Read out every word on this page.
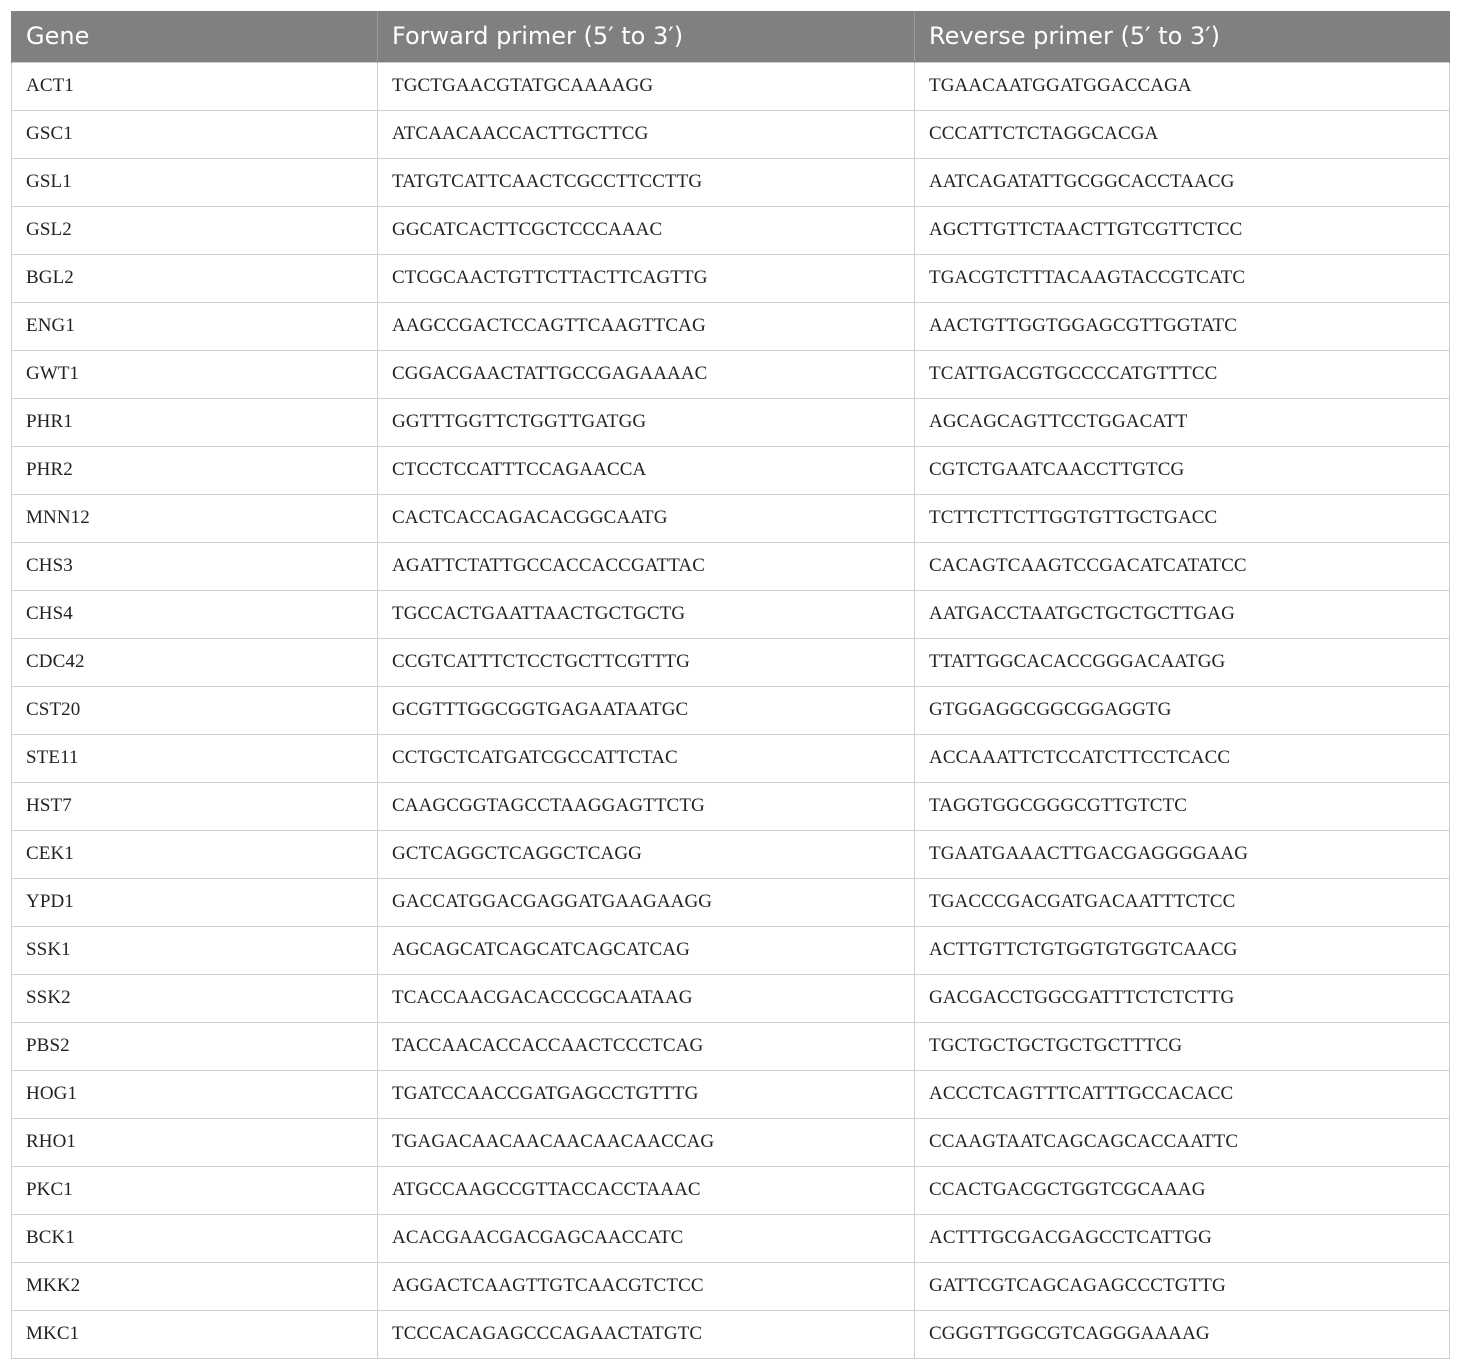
Gene	Forward primer (5′ to 3′)	Reverse primer (5′ to 3′)
ACT1	TGCTGAACGTATGCAAAAGG	TGAACAATGGATGGACCAGA
GSC1	ATCAACAACCACTTGCTTCG	CCCATTCTCTAGGCACGA
GSL1	TATGTCATTCAACTCGCCTTCCTTG	AATCAGATATTGCGGCACCTAACG
GSL2	GGCATCACTTCGCTCCCAAAC	AGCTTGTTCTAACTTGTCGTTCTCC
BGL2	CTCGCAACTGTTCTTACTTCAGTTG	TGACGTCTTTACAAGTACCGTCATC
ENG1	AAGCCGACTCCAGTTCAAGTTCAG	AACTGTTGGTGGAGCGTTGGTATC
GWT1	CGGACGAACTATTGCCGAGAAAAC	TCATTGACGTGCCCCATGTTTCC
PHR1	GGTTTGGTTCTGGTTGATGG	AGCAGCAGTTCCTGGACATT
PHR2	CTCCTCCATTTCCAGAACCA	CGTCTGAATCAACCTTGTCG
MNN12	CACTCACCAGACACGGCAATG	TCTTCTTCTTGGTGTTGCTGACC
CHS3	AGATTCTATTGCCACCACCGATTAC	CACAGTCAAGTCCGACATCATATCC
CHS4	TGCCACTGAATTAACTGCTGCTG	AATGACCTAATGCTGCTGCTTGAG
CDC42	CCGTCATTTCTCCTGCTTCGTTTG	TTATTGGCACACCGGGACAATGG
CST20	GCGTTTGGCGGTGAGAATAATGC	GTGGAGGCGGCGGAGGTG
STE11	CCTGCTCATGATCGCCATTCTAC	ACCAAATTCTCCATCTTCCTCACC
HST7	CAAGCGGTAGCCTAAGGAGTTCTG	TAGGTGGCGGGCGTTGTCTC
CEK1	GCTCAGGCTCAGGCTCAGG	TGAATGAAACTTGACGAGGGGAAG
YPD1	GACCATGGACGAGGATGAAGAAGG	TGACCCGACGATGACAATTTCTCC
SSK1	AGCAGCATCAGCATCAGCATCAG	ACTTGTTCTGTGGTGTGGTCAACG
SSK2	TCACCAACGACACCCGCAATAAG	GACGACCTGGCGATTTCTCTCTTG
PBS2	TACCAACACCACCAACTCCCTCAG	TGCTGCTGCTGCTGCTTTCG
HOG1	TGATCCAACCGATGAGCCTGTTTG	ACCCTCAGTTTCATTTGCCACACC
RHO1	TGAGACAACAACAACAACAACCAG	CCAAGTAATCAGCAGCACCAATTC
PKC1	ATGCCAAGCCGTTACCACCTAAAC	CCACTGACGCTGGTCGCAAAG
BCK1	ACACGAACGACGAGCAACCATC	ACTTTGCGACGAGCCTCATTGG
MKK2	AGGACTCAAGTTGTCAACGTCTCC	GATTCGTCAGCAGAGCCCTGTTG
MKC1	TCCCACAGAGCCCAGAACTATGTC	CGGGTTGGCGTCAGGGAAAAG
